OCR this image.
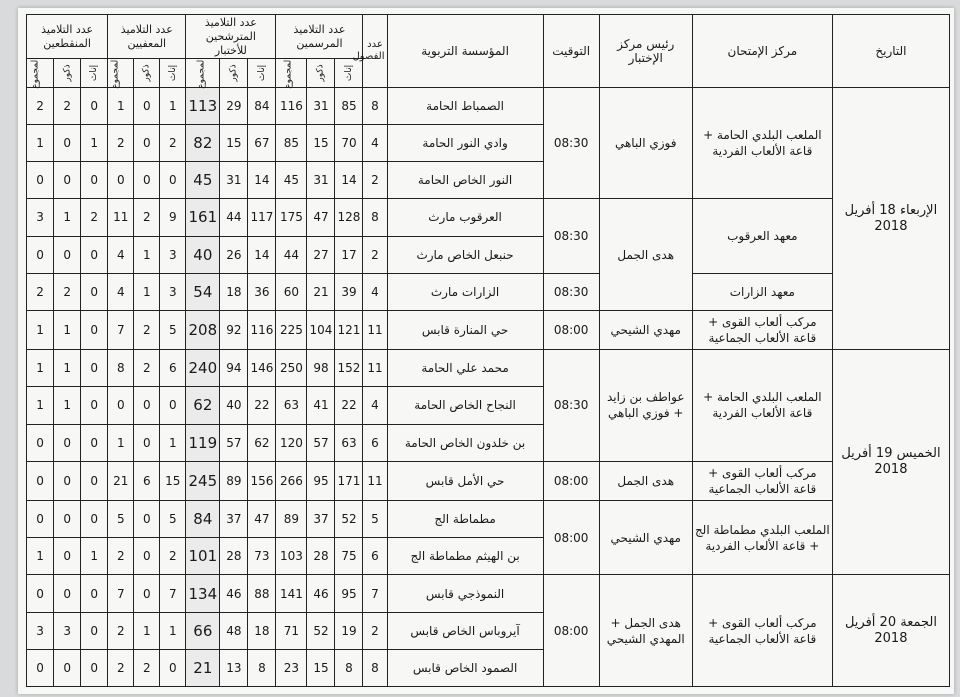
التاريخ	مركز الإمتحان	رئيس مركز الإختبار	التوقيت	المؤسسة التربوية	عدد الفصول	عدد التلاميذ المرسمين			عدد التلاميذ المترشحين للأختبار			عدد التلاميذ المعفيين			عدد التلاميذ المنقطعين		
						إناث	ذكور	المجموع	إناث	ذكور	المجموع	إناث	ذكور	المجموع	إناث	ذكور	المجموع
الإربعاء 18 أفريل 2018	الملعب البلدي الحامة + قاعة الألعاب الفردية	فوزي الباهي	08:30	الصمباط الحامة	8	85	31	116	84	29	113	1	0	1	0	2	2
				وادي النور الحامة	4	70	15	85	67	15	82	2	0	2	1	0	1
				النور الخاص الحامة	2	14	31	45	14	31	45	0	0	0	0	0	0
	معهد العرقوب	هدى الجمل	08:30	العرقوب مارث	8	128	47	175	117	44	161	9	2	11	2	1	3
				حنبعل الخاص مارث	2	17	27	44	14	26	40	3	1	4	0	0	0
	معهد الزارات		08:30	الزارات مارث	4	39	21	60	36	18	54	3	1	4	0	2	2
	مركب ألعاب القوى + قاعة الألعاب الجماعية	مهدي الشيحي	08:00	حي المنارة قابس	11	121	104	225	116	92	208	5	2	7	0	1	1
الخميس 19 أفريل 2018	الملعب البلدي الحامة + قاعة الألعاب الفردية	عواطف بن زايد + فوزي الباهي	08:30	محمد علي الحامة	11	152	98	250	146	94	240	6	2	8	0	1	1
				النجاح الخاص الحامة	4	22	41	63	22	40	62	0	0	0	0	1	1
				بن خلدون الخاص الحامة	6	63	57	120	62	57	119	1	0	1	0	0	0
	مركب ألعاب القوى + قاعة الألعاب الجماعية	هدى الجمل	08:00	حي الأمل قابس	11	171	95	266	156	89	245	15	6	21	0	0	0
	الملعب البلدي مطماطة الج + قاعة الألعاب الفردية	مهدي الشيحي	08:00	مطماطة الج	5	52	37	89	47	37	84	5	0	5	0	0	0
				بن الهيثم مطماطة الج	6	75	28	103	73	28	101	2	0	2	1	0	1
الجمعة 20 أفريل 2018	مركب ألعاب القوى + قاعة الألعاب الجماعية	هدى الجمل + المهدي الشيحي	08:00	النموذجي قابس	7	95	46	141	88	46	134	7	0	7	0	0	0
				آيروباس الخاص قابس	2	19	52	71	18	48	66	1	1	2	0	3	3
				الصمود الخاص قابس	8	8	15	23	8	13	21	0	2	2	0	0	0
